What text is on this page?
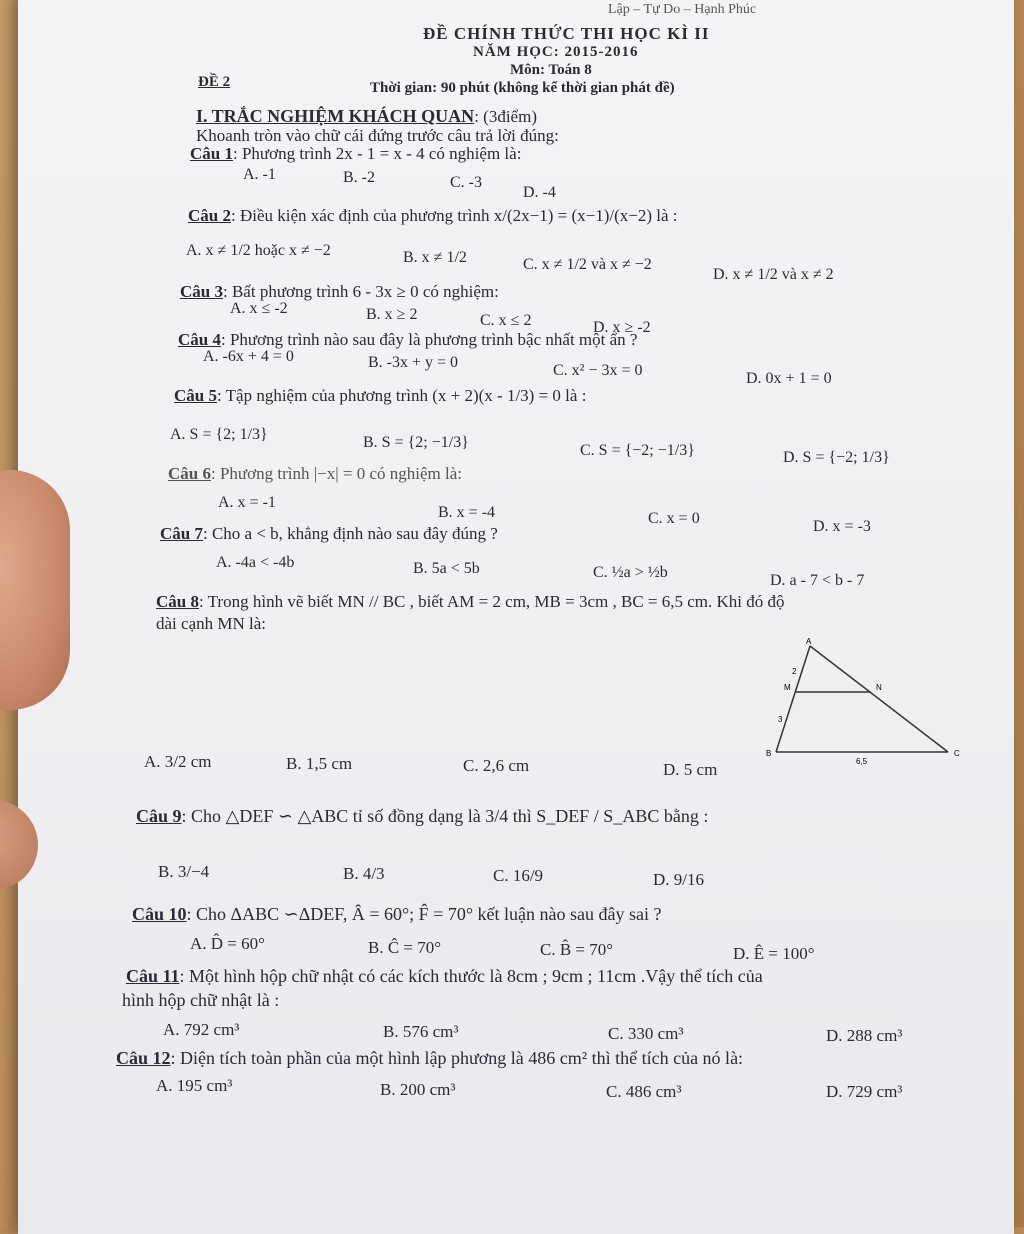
Lập – Tự Do – Hạnh Phúc
ĐỀ CHÍNH THỨC THI HỌC KÌ II
NĂM HỌC: 2015-2016
Môn: Toán 8
ĐỀ 2	Thời gian: 90 phút (không kể thời gian phát đề)
I. TRẮC NGHIỆM KHÁCH QUAN: (3điểm)
Khoanh tròn vào chữ cái đứng trước câu trả lời đúng:
Câu 1: Phương trình 2x - 1 = x - 4 có nghiệm là:
A. -1	B. -2	C. -3
D. -4
Câu 2: Điều kiện xác định của phương trình x/(2x−1) = (x−1)/(x−2) là :
A. x ≠ 1/2 hoặc x ≠ −2	B. x ≠ 1/2	C. x ≠ 1/2 và x ≠ −2
D. x ≠ 1/2 và x ≠ 2
Câu 3: Bất phương trình 6 - 3x ≥ 0 có nghiệm:
A. x ≤ -2	B. x ≥ 2	C. x ≤ 2	D. x ≥ -2
Câu 4: Phương trình nào sau đây là phương trình bậc nhất một ẩn ?
A. -6x + 4 = 0	B. -3x + y = 0	C. x² − 3x = 0	D. 0x + 1 = 0
Câu 5: Tập nghiệm của phương trình (x + 2)(x - 1/3) = 0 là :
A. S = {2; 1/3}	B. S = {2; −1/3}	C. S = {−2; −1/3}	D. S = {−2; 1/3}
Câu 6: Phương trình |−x| = 0 có nghiệm là:
A. x = -1
B. x = -4	C. x = 0	D. x = -3
Câu 7: Cho a < b, khẳng định nào sau đây đúng ?
A. -4a < -4b	B. 5a < 5b	C. ½a > ½b	D. a - 7 < b - 7
Câu 8: Trong hình vẽ biết MN // BC , biết AM = 2 cm, MB = 3cm , BC = 6,5 cm. Khi đó độ
dài cạnh MN là:
A
M	N
B	C
2
3
6,5
A. 3/2 cm	B. 1,5 cm	C. 2,6 cm	D. 5 cm
Câu 9: Cho △DEF ∽ △ABC tỉ số đồng dạng là 3/4 thì S_DEF / S_ABC bằng :
B. 3/−4	B. 4/3	C. 16/9	D. 9/16
Câu 10: Cho ΔABC ∽ΔDEF, Â = 60°; F̂ = 70° kết luận nào sau đây sai ?
A. D̂ = 60°	B. Ĉ = 70°	C. B̂ = 70°	D. Ê = 100°
Câu 11: Một hình hộp chữ nhật có các kích thước là 8cm ; 9cm ; 11cm .Vậy thể tích của
hình hộp chữ nhật là :
A. 792 cm³	B. 576 cm³	C. 330 cm³	D. 288 cm³
Câu 12: Diện tích toàn phần của một hình lập phương là 486 cm² thì thể tích của nó là:
A. 195 cm³	B. 200 cm³	C. 486 cm³	D. 729 cm³
